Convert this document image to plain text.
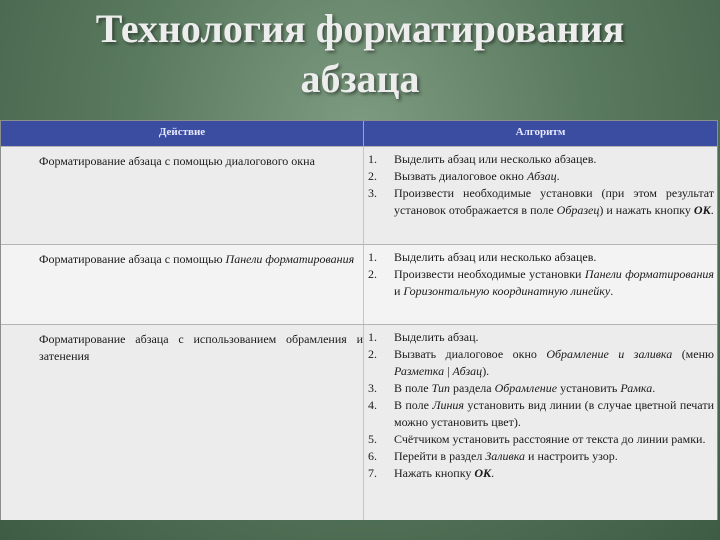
Технология форматирования
абзаца
Действие	Алгоритм
Форматирование абзаца с помощью диалогового окна	1.	Выделить абзац или несколько абзацев.
2.	Вызвать диалоговое окно Абзац.
3.	Произвести необходимые установки (при этом результат установок отображается в поле Образец) и нажать кнопку ОК.
Форматирование абзаца с помощью Панели форматирования	1.	Выделить абзац или несколько абзацев.
2.	Произвести необходимые установки Панели форматирования и Горизонтальную координатную линейку.
Форматирование абзаца с использованием обрамления и затенения
1.	Выделить абзац.
2.	Вызвать диалоговое окно Обрамление и заливка (меню Разметка | Абзац).
3.	В поле Тип раздела Обрамление установить Рамка.
4.	В поле Линия установить вид линии (в случае цветной печати можно установить цвет).
5.	Счётчиком установить расстояние от текста до линии рамки.
6.	Перейти в раздел Заливка и настроить узор.
7.	Нажать кнопку ОК.
